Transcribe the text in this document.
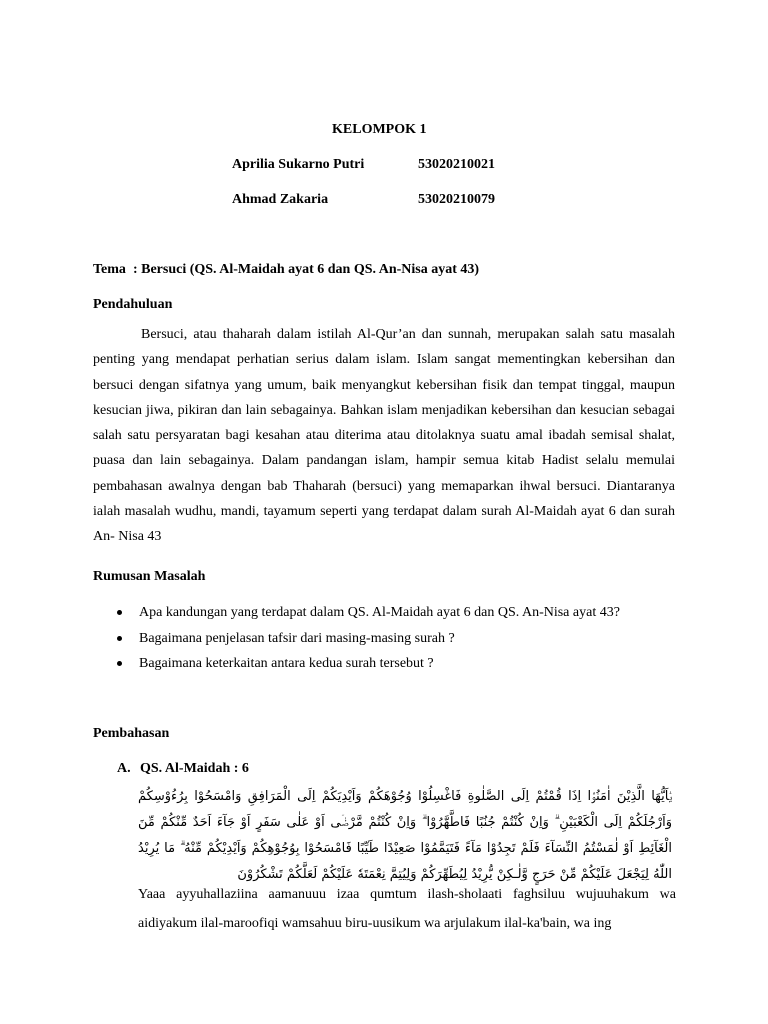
KELOMPOK 1
Aprilia Sukarno Putri	53020210021
Ahmad Zakaria	53020210079
Tema : Bersuci (QS. Al-Maidah ayat 6 dan QS. An-Nisa ayat 43)
Pendahuluan
Bersuci, atau thaharah dalam istilah Al-Qur’an dan sunnah, merupakan salah satu masalah penting yang mendapat perhatian serius dalam islam. Islam sangat mementingkan kebersihan dan bersuci dengan sifatnya yang umum, baik menyangkut kebersihan fisik dan tempat tinggal, maupun kesucian jiwa, pikiran dan lain sebagainya. Bahkan islam menjadikan kebersihan dan kesucian sebagai salah satu persyaratan bagi kesahan atau diterima atau ditolaknya suatu amal ibadah semisal shalat, puasa dan lain sebagainya. Dalam pandangan islam, hampir semua kitab Hadist selalu memulai pembahasan awalnya dengan bab Thaharah (bersuci) yang memaparkan ihwal bersuci. Diantaranya ialah masalah wudhu, mandi, tayamum seperti yang terdapat dalam surah Al-Maidah ayat 6 dan surah An- Nisa 43
Rumusan Masalah
Apa kandungan yang terdapat dalam QS. Al-Maidah ayat 6 dan QS. An-Nisa ayat 43?
Bagaimana penjelasan tafsir dari masing-masing surah ?
Bagaimana keterkaitan antara kedua surah tersebut ?
Pembahasan
A. QS. Al-Maidah : 6
يٰۤاَيُّهَا الَّذِيْنَ اٰمَنُوْۤا اِذَا قُمْتُمْ اِلَى الصَّلٰوةِ فَاغْسِلُوْا وُجُوْهَكُمْ وَاَيْدِيَكُمْ اِلَى الْمَرَافِقِ وَامْسَحُوْا بِرُءُوْسِكُمْ وَاَرْجُلَكُمْ اِلَى الْكَعْبَيْنِ ۗ وَاِنْ كُنْتُمْ جُنُبًا فَاطَّهَّرُوْا ۗ وَاِنْ كُنْتُمْ مَّرْضٰۤى اَوْ عَلٰى سَفَرٍ اَوْ جَآءَ اَحَدٌ مِّنْكُمْ مِّنَ الْغَآئِطِ اَوْ لٰمَسْتُمُ النِّسَآءَ فَلَمْ تَجِدُوْا مَآءً فَتَيَمَّمُوْا صَعِيْدًا طَيِّبًا فَامْسَحُوْا بِوُجُوْهِكُمْ وَاَيْدِيْكُمْ مِّنْهُ ۗ مَا يُرِيْدُ اللّٰهُ لِيَجْعَلَ عَلَيْكُمْ مِّنْ حَرَجٍ وَّلٰـكِنْ يُّرِيْدُ لِيُطَهِّرَكُمْ وَلِيُتِمَّ نِعْمَتَهٗ عَلَيْكُمْ لَعَلَّكُمْ تَشْكُرُوْنَ
Yaaa ayyuhallaziina aamanuuu izaa qumtum ilash-sholaati faghsiluu wujuuhakum wa aidiyakum ilal-maroofiqi wamsahuu biru-uusikum wa arjulakum ilal-ka'bain, wa ing
